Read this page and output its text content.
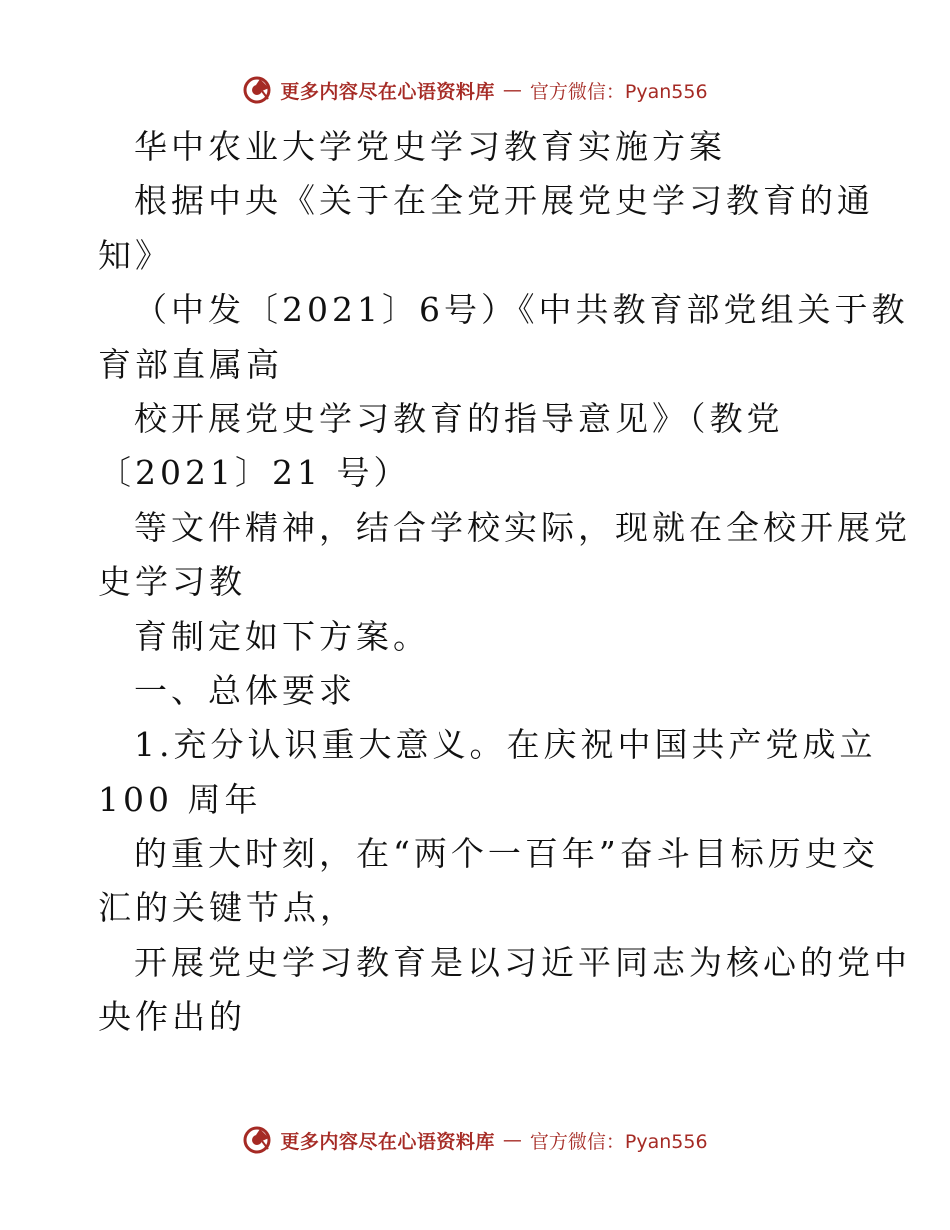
更多内容尽在心语资料库 — 官方微信：Pyan556
华中农业大学党史学习教育实施方案
根据中央《关于在全党开展党史学习教育的通
知》
（中发〔2021〕6号）《中共教育部党组关于教
育部直属高
校开展党史学习教育的指导意见》（教党
〔2021〕21 号）
等文件精神，结合学校实际，现就在全校开展党
史学习教
育制定如下方案。
一、总体要求
1.充分认识重大意义。在庆祝中国共产党成立
100 周年
的重大时刻，在“两个一百年”奋斗目标历史交
汇的关键节点，
开展党史学习教育是以习近平同志为核心的党中
央作出的
更多内容尽在心语资料库 — 官方微信：Pyan556
